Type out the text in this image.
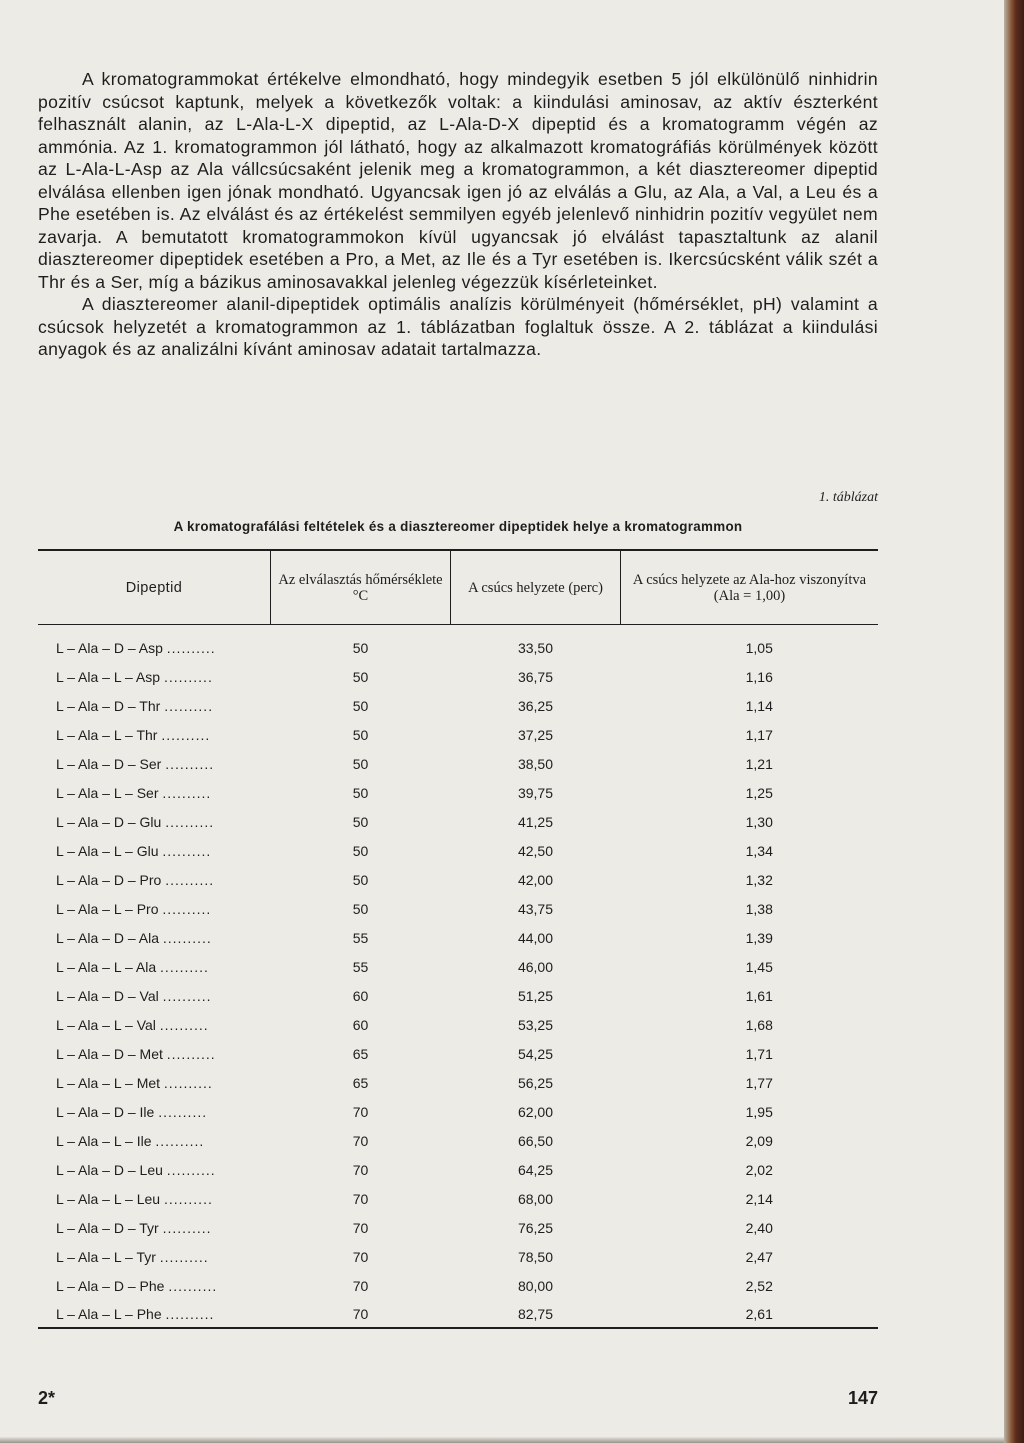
A kromatogrammokat értékelve elmondható, hogy mindegyik esetben 5 jól elkülönülő ninhidrin pozitív csúcsot kaptunk, melyek a következők voltak: a kiindulási aminosav, az aktív észterként felhasznált alanin, az L-Ala-L-X dipeptid, az L-Ala-D-X dipeptid és a kromatogramm végén az ammónia. Az 1. kromatogrammon jól látható, hogy az alkalmazott kromatográfiás körülmények között az L-Ala-L-Asp az Ala vállcsúcsaként jelenik meg a kromatogrammon, a két diasztereomer dipeptid elválása ellenben igen jónak mondható. Ugyancsak igen jó az elválás a Glu, az Ala, a Val, a Leu és a Phe esetében is. Az elválást és az értékelést semmilyen egyéb jelenlevő ninhidrin pozitív vegyület nem zavarja. A bemutatott kromatogrammokon kívül ugyancsak jó elválást tapasztaltunk az alanil diasztereomer dipeptidek esetében a Pro, a Met, az Ile és a Tyr esetében is. Ikercsúcsként válik szét a Thr és a Ser, míg a bázikus aminosavakkal jelenleg végezzük kísérleteinket.

A diasztereomer alanil-dipeptidek optimális analízis körülményeit (hőmérséklet, pH) valamint a csúcsok helyzetét a kromatogrammon az 1. táblázatban foglaltuk össze. A 2. táblázat a kiindulási anyagok és az analizálni kívánt aminosav adatait tartalmazza.

1. táblázat
A kromatografálási feltételek és a diasztereomer dipeptidek helye a kromatogrammon
Dipeptid	Az elválasztás hőmérséklete °C	A csúcs helyzete (perc)	A csúcs helyzete az Ala-hoz viszonyítva (Ala = 1,00)
L – Ala – D – Asp ..........	50	33,50	1,05
L – Ala – L – Asp ..........	50	36,75	1,16
L – Ala – D – Thr ..........	50	36,25	1,14
L – Ala – L – Thr ..........	50	37,25	1,17
L – Ala – D – Ser ..........	50	38,50	1,21
L – Ala – L – Ser ..........	50	39,75	1,25
L – Ala – D – Glu ..........	50	41,25	1,30
L – Ala – L – Glu ..........	50	42,50	1,34
L – Ala – D – Pro ..........	50	42,00	1,32
L – Ala – L – Pro ..........	50	43,75	1,38
L – Ala – D – Ala ..........	55	44,00	1,39
L – Ala – L – Ala ..........	55	46,00	1,45
L – Ala – D – Val ..........	60	51,25	1,61
L – Ala – L – Val ..........	60	53,25	1,68
L – Ala – D – Met ..........	65	54,25	1,71
L – Ala – L – Met ..........	65	56,25	1,77
L – Ala – D – Ile ..........	70	62,00	1,95
L – Ala – L – Ile ..........	70	66,50	2,09
L – Ala – D – Leu ..........	70	64,25	2,02
L – Ala – L – Leu ..........	70	68,00	2,14
L – Ala – D – Tyr ..........	70	76,25	2,40
L – Ala – L – Tyr ..........	70	78,50	2,47
L – Ala – D – Phe ..........	70	80,00	2,52
L – Ala – L – Phe ..........	70	82,75	2,61
2*	147
